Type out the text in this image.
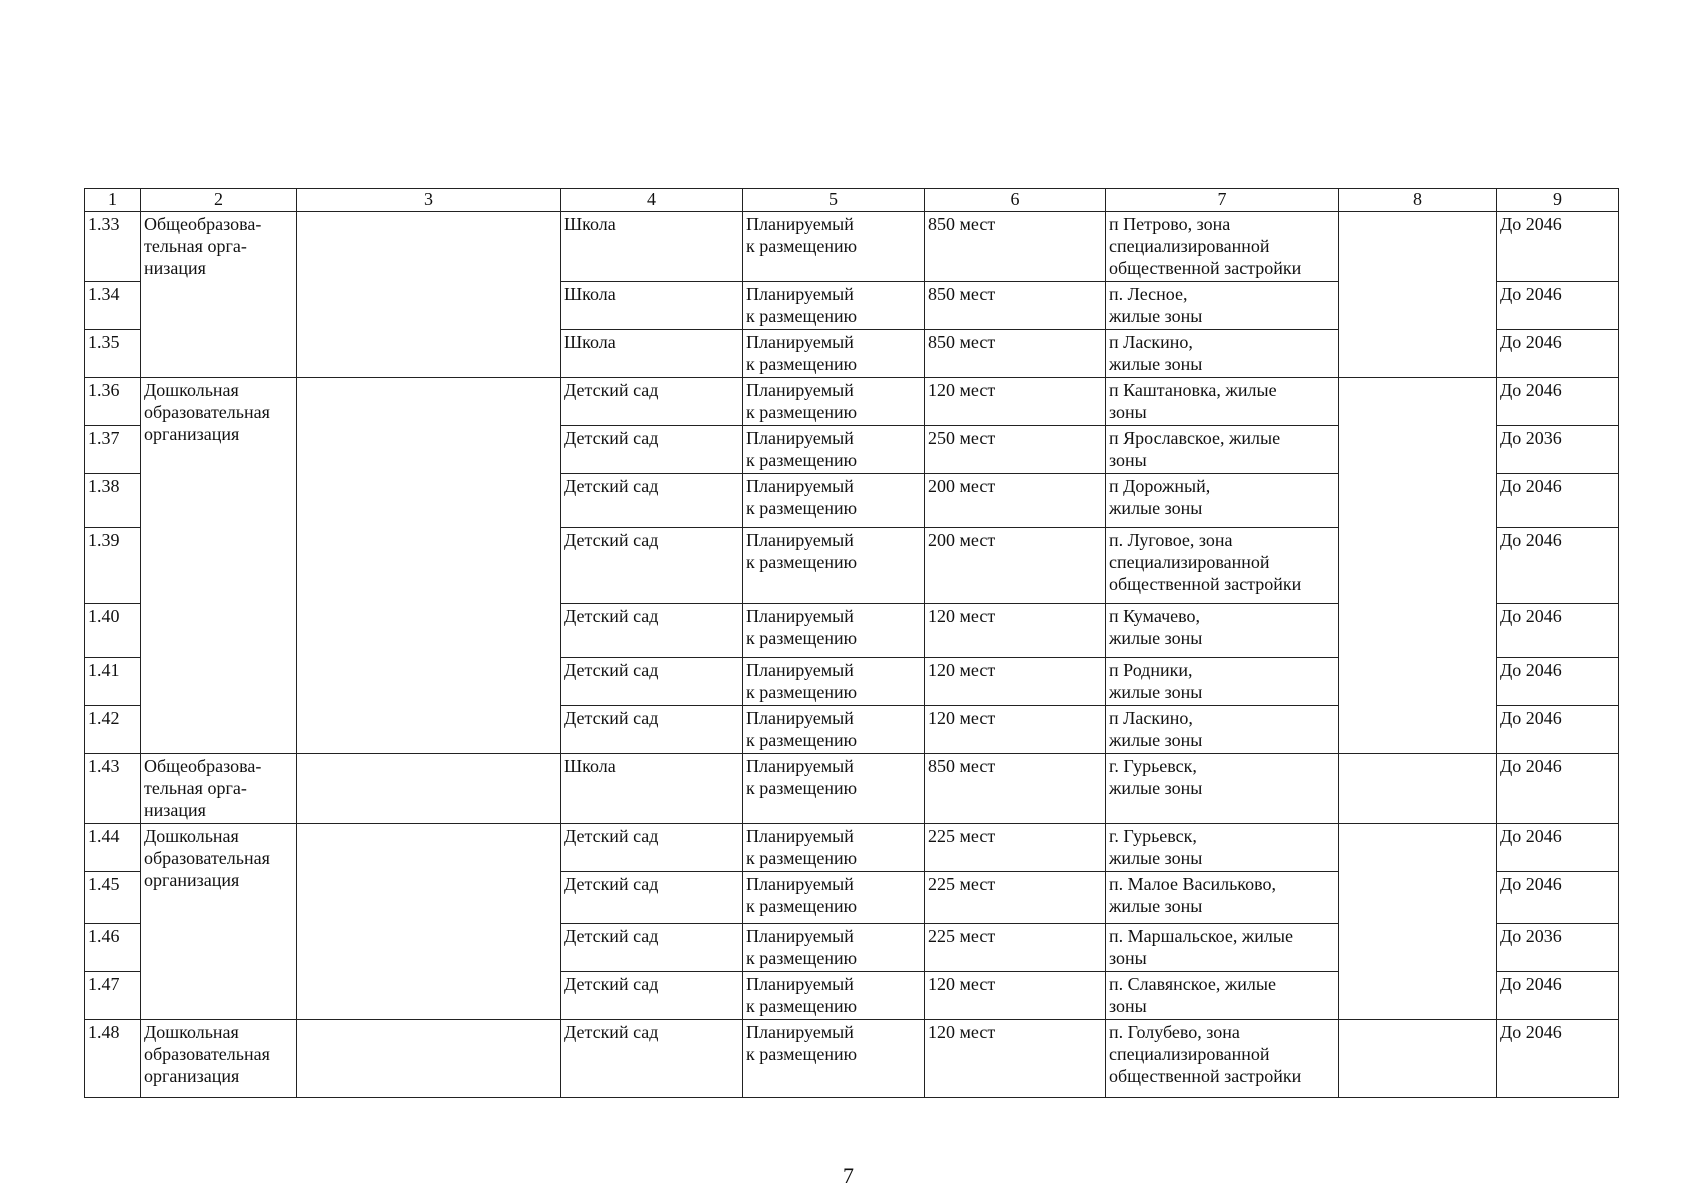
1	2	3	4	5	6	7	8	9
1.33	Общеобразова-
тельная орга-
низация		Школа	Планируемый
к размещению	850 мест	п Петрово, зона
специализированной
общественной застройки		До 2046
1.34			Школа	Планируемый
к размещению	850 мест	п. Лесное,
жилые зоны		До 2046
1.35			Школа	Планируемый
к размещению	850 мест	п Ласкино,
жилые зоны		До 2046
1.36	Дошкольная
образовательная
организация		Детский сад	Планируемый
к размещению	120 мест	п Каштановка, жилые
зоны		До 2046
1.37			Детский сад	Планируемый
к размещению	250 мест	п Ярославское, жилые
зоны		До 2036
1.38			Детский сад	Планируемый
к размещению	200 мест	п Дорожный,
жилые зоны		До 2046
1.39			Детский сад	Планируемый
к размещению	200 мест	п. Луговое, зона
специализированной
общественной застройки		До 2046
1.40			Детский сад	Планируемый
к размещению	120 мест	п Кумачево,
жилые зоны		До 2046
1.41			Детский сад	Планируемый
к размещению	120 мест	п Родники,
жилые зоны		До 2046
1.42			Детский сад	Планируемый
к размещению	120 мест	п Ласкино,
жилые зоны		До 2046
1.43	Общеобразова-
тельная орга-
низация		Школа	Планируемый
к размещению	850 мест	г. Гурьевск,
жилые зоны		До 2046
1.44	Дошкольная
образовательная
организация		Детский сад	Планируемый
к размещению	225 мест	г. Гурьевск,
жилые зоны		До 2046
1.45			Детский сад	Планируемый
к размещению	225 мест	п. Малое Васильково,
жилые зоны		До 2046
1.46			Детский сад	Планируемый
к размещению	225 мест	п. Маршальское, жилые
зоны		До 2036
1.47			Детский сад	Планируемый
к размещению	120 мест	п. Славянское, жилые
зоны		До 2046
1.48	Дошкольная
образовательная
организация		Детский сад	Планируемый
к размещению	120 мест	п. Голубево, зона
специализированной
общественной застройки		До 2046
7
